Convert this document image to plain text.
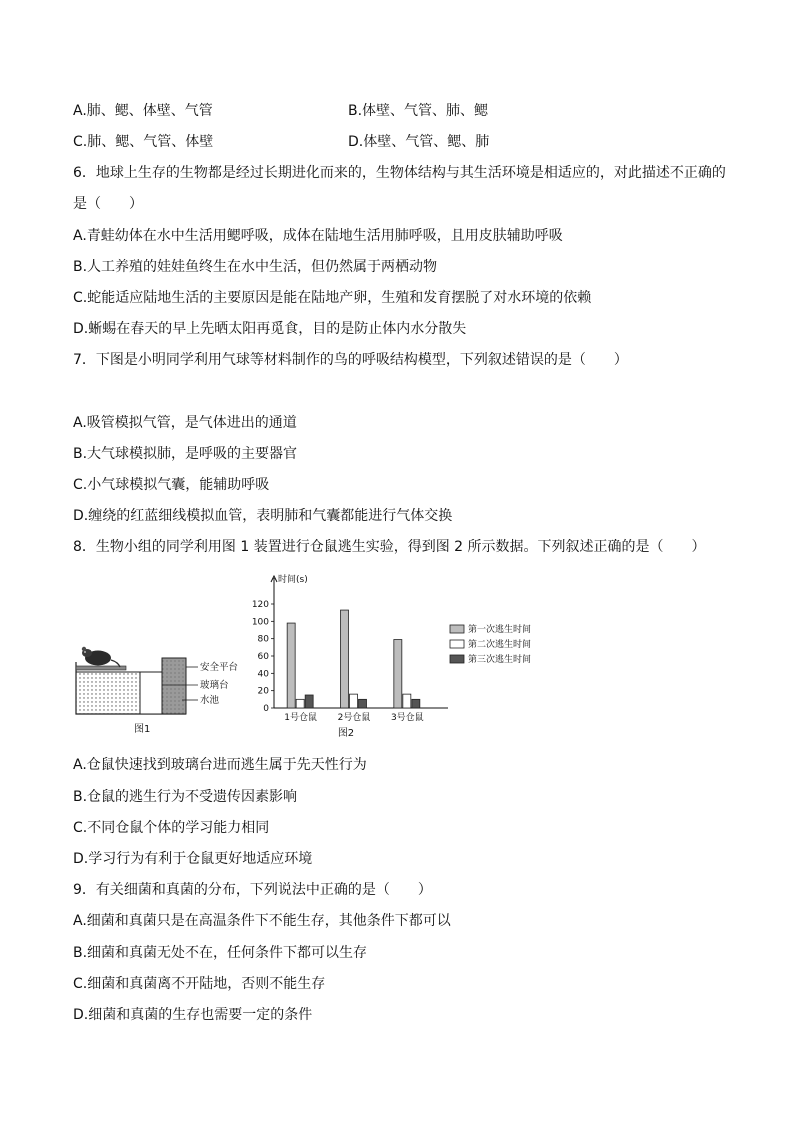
A.肺、鳃、体壁、气管	B.体壁、气管、肺、鳃
C.肺、鳃、气管、体壁	D.体壁、气管、鳃、肺
6．地球上生存的生物都是经过长期进化而来的，生物体结构与其生活环境是相适应的，对此描述不正确的
是（　　）
A.青蛙幼体在水中生活用鳃呼吸，成体在陆地生活用肺呼吸，且用皮肤辅助呼吸
B.人工养殖的娃娃鱼终生在水中生活，但仍然属于两栖动物
C.蛇能适应陆地生活的主要原因是能在陆地产卵，生殖和发育摆脱了对水环境的依赖
D.蜥蜴在春天的早上先晒太阳再觅食，目的是防止体内水分散失
7．下图是小明同学利用气球等材料制作的鸟的呼吸结构模型，下列叙述错误的是（　　）
A.吸管模拟气管，是气体进出的通道
B.大气球模拟肺，是呼吸的主要器官
C.小气球模拟气囊，能辅助呼吸
D.缠绕的红蓝细线模拟血管，表明肺和气囊都能进行气体交换
8．生物小组的同学利用图 1 装置进行仓鼠逃生实验，得到图 2 所示数据。下列叙述正确的是（　　）
安全平台
玻璃台
水池
图1
时间(s)
0
20
40
60
80
100
120
1号仓鼠 2号仓鼠 3号仓鼠
第一次逃生时间
第二次逃生时间
第三次逃生时间
图2
A.仓鼠快速找到玻璃台进而逃生属于先天性行为
B.仓鼠的逃生行为不受遗传因素影响
C.不同仓鼠个体的学习能力相同
D.学习行为有利于仓鼠更好地适应环境
9．有关细菌和真菌的分布，下列说法中正确的是（　　）
A.细菌和真菌只是在高温条件下不能生存，其他条件下都可以
B.细菌和真菌无处不在，任何条件下都可以生存
C.细菌和真菌离不开陆地，否则不能生存
D.细菌和真菌的生存也需要一定的条件
